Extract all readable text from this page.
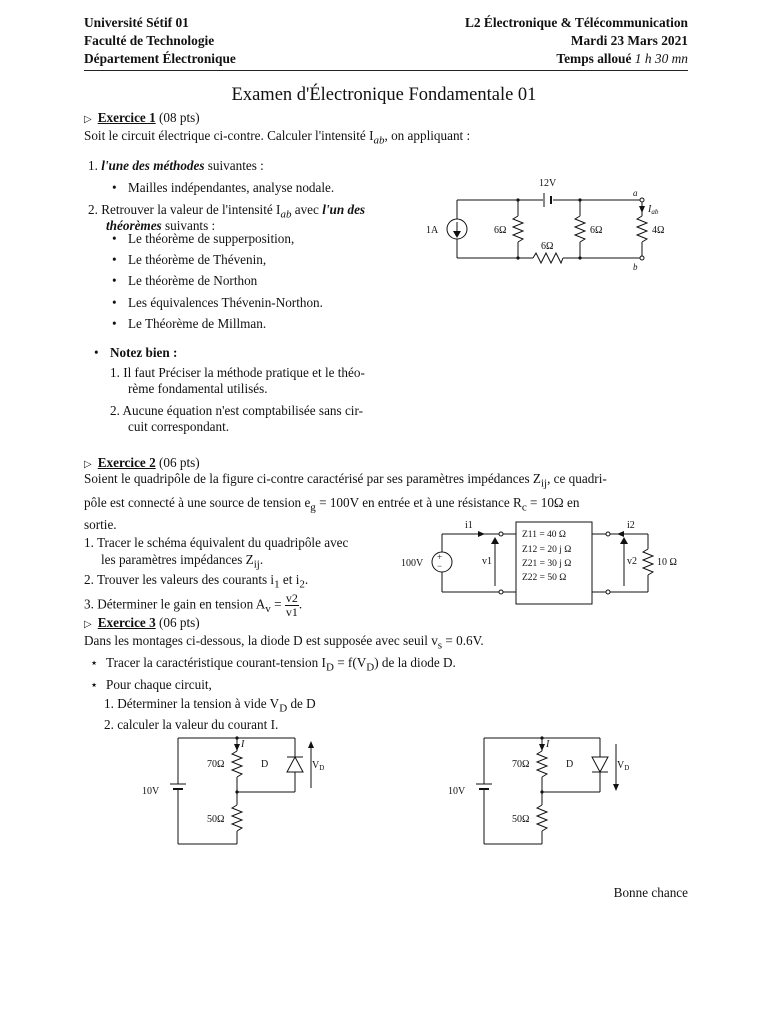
Université Sétif 01
Faculté de Technologie
Département Électronique
L2 Électronique & Télécommunication
Mardi 23 Mars 2021
Temps alloué 1 h 30 mn
Examen d'Électronique Fondamentale 01
▷ Exercice 1 (08 pts)
Soit le circuit électrique ci-contre. Calculer l'intensité $I_{ab}$, on appliquant :
1. l'une des méthodes suivantes :
• Mailles indépendantes, analyse nodale.
2. Retrouver la valeur de l'intensité $I_{ab}$ avec l'un des
théorèmes suivants :
• Le théorème de supperposition,
• Le théorème de Thévenin,
• Le théorème de Northon
• Les équivalences Thévenin-Northon.
• Le Théorème de Millman.
• Notez bien :
1. Il faut Préciser la méthode pratique et le théo-
rème fondamental utilisés.
2. Aucune équation n'est comptabilisée sans cir-
cuit correspondant.
12V
1A	6Ω	6Ω
6Ω
4Ω
a
b
$I_{ab}$
▷ Exercice 2 (06 pts)
Soient le quadripôle de la figure ci-contre caractérisé par ses paramètres impédances $Z_{ij}$, ce quadri-
pôle est connecté à une source de tension $e_g = 100V$ en entrée et à une résistance $R_c = 10\Omega$ en
sortie.
1. Tracer le schéma équivalent du quadripôle avec
les paramètres impédances $Z_{ij}$.
2. Trouver les valeurs des courants $i_1$ et $i_2$.
3. Déterminer le gain en tension $A_v = \frac{v2}{v1}$ .
+
−
100V
i1	i2
v1	v2 10 Ω
Z11 = 40 Ω
Z12 = 20 j Ω
Z21 = 30 j Ω
Z22 = 50 Ω
▷ Exercice 3 (06 pts)
Dans les montages ci-dessous, la diode D est supposée avec seuil $v_s = 0.6V$.
⋆ Tracer la caractéristique courant-tension $I_D = f(V_D)$ de la diode D.
⋆ Pour chaque circuit,
1. Déterminer la tension à vide $V_D$ de D
2. calculer la valeur du courant I.
10V
70Ω
50Ω
D
I
$V_D$
10V
70Ω
50Ω
D
I
$V_D$
Bonne chance
